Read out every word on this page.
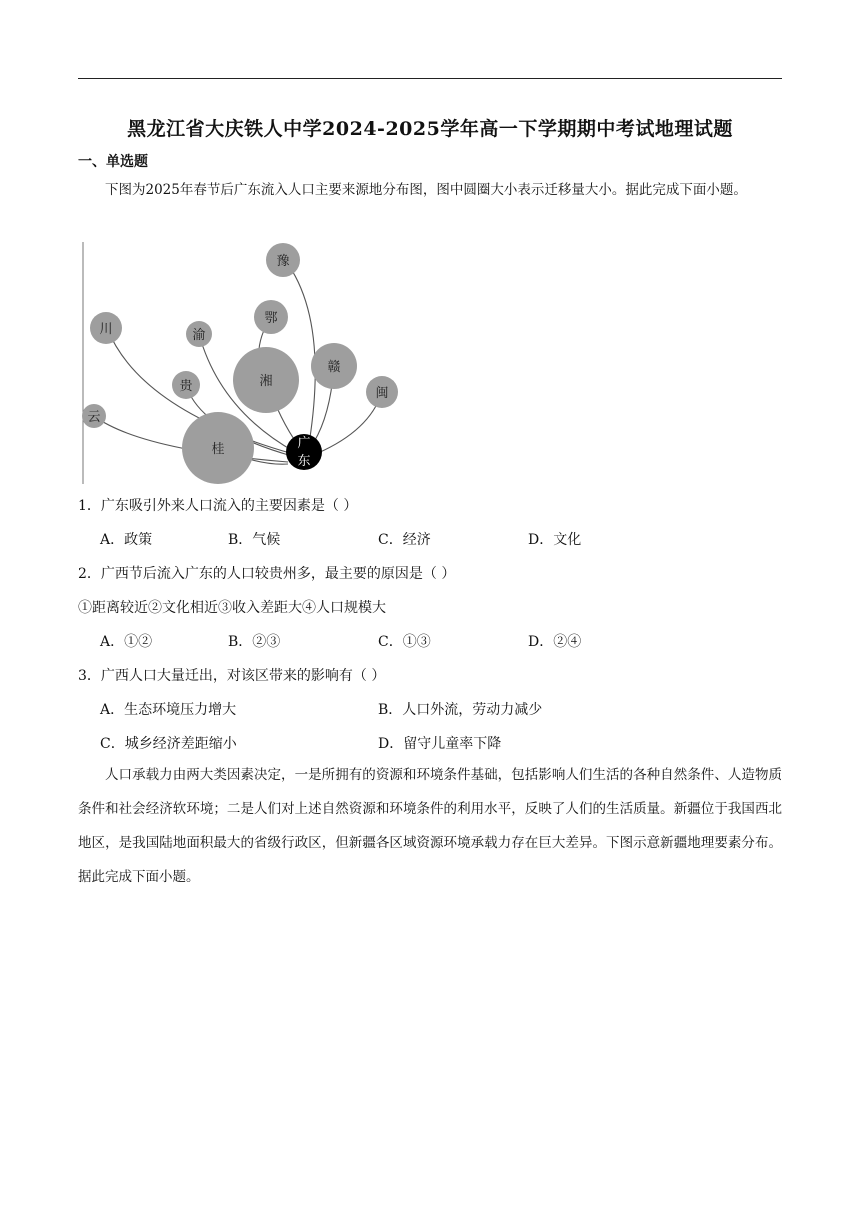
黑龙江省大庆铁人中学2024-2025学年高一下学期期中考试地理试题
一、单选题
下图为2025年春节后广东流入人口主要来源地分布图，图中圆圈大小表示迁移量大小。据此完成下面小题。
豫
川	渝
鄂
湘
赣
贵	闽
云
桂	广
东
1．广东吸引外来人口流入的主要因素是（ ）
A．政策	B．气候	C．经济	D．文化
2．广西节后流入广东的人口较贵州多，最主要的原因是（ ）
①距离较近②文化相近③收入差距大④人口规模大
A．①②	B．②③	C．①③	D．②④
3．广西人口大量迁出，对该区带来的影响有（ ）
A．生态环境压力增大	B．人口外流，劳动力减少
C．城乡经济差距缩小	D．留守儿童率下降
人口承载力由两大类因素决定，一是所拥有的资源和环境条件基础，包括影响人们生活的各种自然条件、人造物质条件和社会经济软环境；二是人们对上述自然资源和环境条件的利用水平，反映了人们的生活质量。新疆位于我国西北地区，是我国陆地面积最大的省级行政区，但新疆各区域资源环境承载力存在巨大差异。下图示意新疆地理要素分布。据此完成下面小题。
